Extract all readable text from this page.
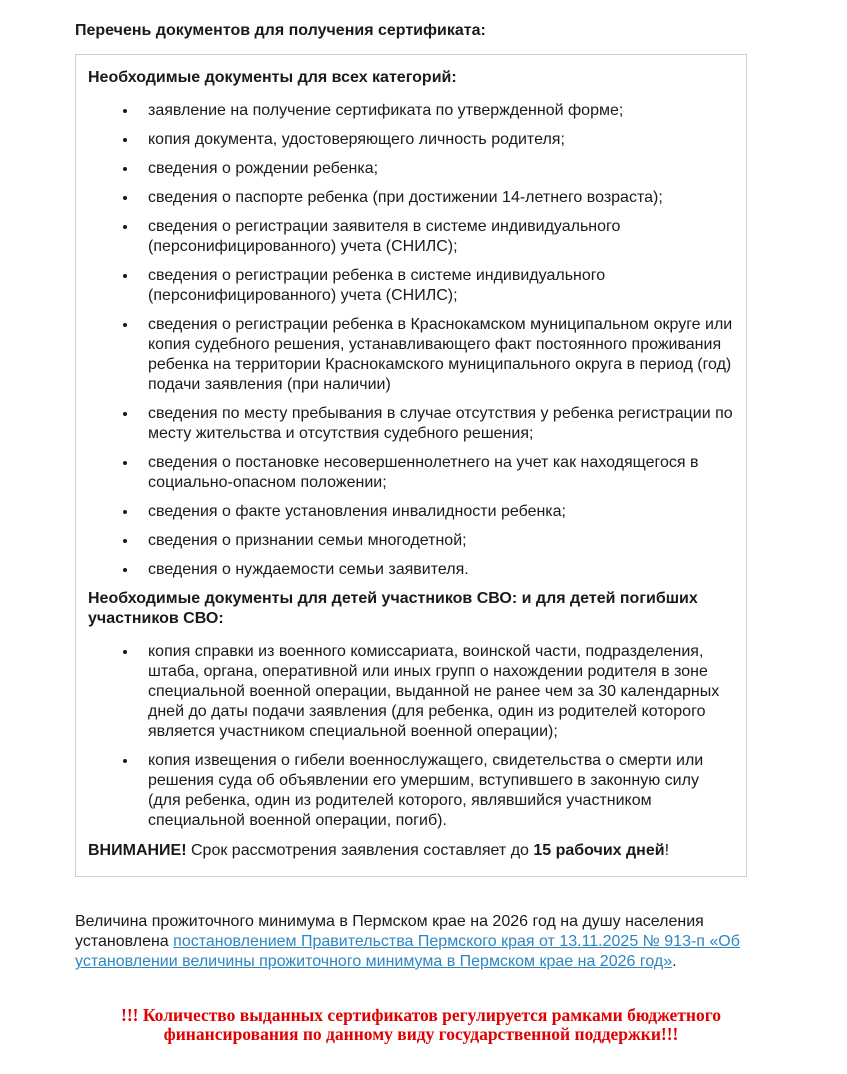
Перечень документов для получения сертификата:
Необходимые документы для всех категорий:
• заявление на получение сертификата по утвержденной форме;
• копия документа, удостоверяющего личность родителя;
• сведения о рождении ребенка;
• сведения о паспорте ребенка (при достижении 14-летнего возраста);
• сведения о регистрации заявителя в системе индивидуального (персонифицированного) учета (СНИЛС);
• сведения о регистрации ребенка в системе индивидуального (персонифицированного) учета (СНИЛС);
• сведения о регистрации ребенка в Краснокамском муниципальном округе или копия судебного решения, устанавливающего факт постоянного проживания ребенка на территории Краснокамского муниципального округа в период (год) подачи заявления (при наличии)
• сведения по месту пребывания в случае отсутствия у ребенка регистрации по месту жительства и отсутствия судебного решения;
• сведения о постановке несовершеннолетнего на учет как находящегося в социально-опасном положении;
• сведения о факте установления инвалидности ребенка;
• сведения о признании семьи многодетной;
• сведения о нуждаемости семьи заявителя.
Необходимые документы для детей участников СВО: и для детей погибших участников СВО:
• копия справки из военного комиссариата, воинской части, подразделения, штаба, органа, оперативной или иных групп о нахождении родителя в зоне специальной военной операции, выданной не ранее чем за 30 календарных дней до даты подачи заявления (для ребенка, один из родителей которого является участником специальной военной операции);
• копия извещения о гибели военнослужащего, свидетельства о смерти или решения суда об объявлении его умершим, вступившего в законную силу (для ребенка, один из родителей которого, являвшийся участником специальной военной операции, погиб).

ВНИМАНИЕ! Срок рассмотрения заявления составляет до 15 рабочих дней!

Величина прожиточного минимума в Пермском крае на 2026 год на душу населения установлена постановлением Правительства Пермского края от 13.11.2025 № 913-п «Об установлении величины прожиточного минимума в Пермском крае на 2026 год».

!!! Количество выданных сертификатов регулируется рамками бюджетного финансирования по данному виду государственной поддержки!!!
